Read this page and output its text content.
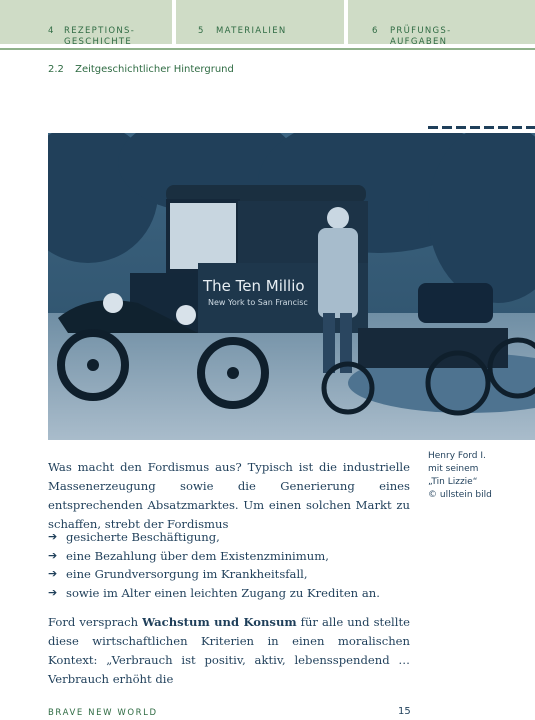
4 REZEPTIONS- GESCHICHTE
5 MATERIALIEN	6 PRÜFUNGS- AUFGABEN
2.2 Zeitgeschichtlicher Hintergrund
The Ten Millio
New York to San Francisc
Henry Ford I.
mit seinem
„Tin Lizzie“
© ullstein bild
Was macht den Fordismus aus? Typisch ist die industrielle Massenerzeugung sowie die Generierung eines entsprechenden Absatzmarktes. Um einen solchen Markt zu schaffen, strebt der Fordismus
➔ gesicherte Beschäftigung,
➔ eine Bezahlung über dem Existenzminimum,
➔ eine Grundversorgung im Krankheitsfall,
➔ sowie im Alter einen leichten Zugang zu Krediten an.
Ford versprach Wachstum und Konsum für alle und stellte diese wirtschaftlichen Kriterien in einen moralischen Kontext: „Verbrauch ist positiv, aktiv, lebensspendend … Verbrauch erhöht die
BRAVE NEW WORLD	15
